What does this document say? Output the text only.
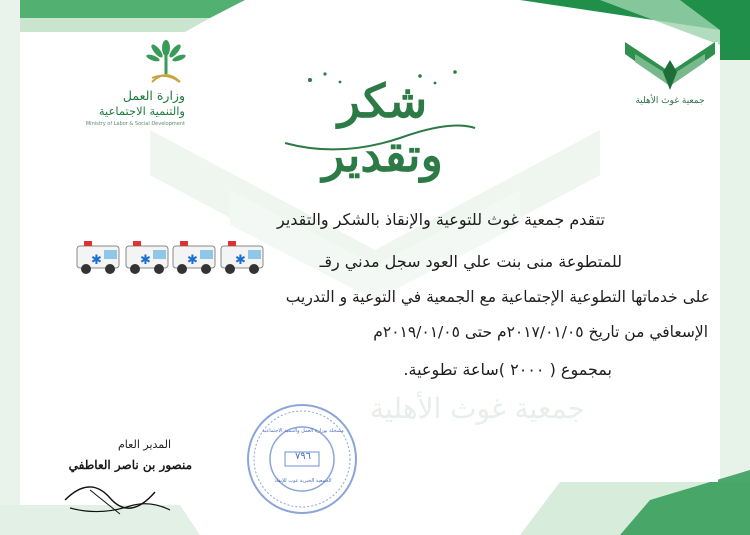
جمعية غوث الأهلية
وزارة العمل
والتنمية الاجتماعية
Ministry of Labor & Social Development	شكر وتقدير
جمعية غوث الأهلية
تتقدم جمعية غوث للتوعية والإنقاذ بالشكر والتقدير
للمتطوعة منى بنت علي العود سجل مدني رقـ
على خدماتها التطوعية الإجتماعية مع الجمعية في التوعية و التدريب
الإسعافي من تاريخ ٢٠١٧/٠١/٠٥م حتى ٢٠١٩/٠١/٠٥م
بمجموع ( ٢٠٠٠ )ساعة تطوعية.
✱	✱	✱	✱
٧٩٦
مسجلة بوزارة العمل والتنمية الاجتماعية
الجمعية الخيرية غوث للإنقاذ
المدير العام
منصور بن ناصر العاطفي
